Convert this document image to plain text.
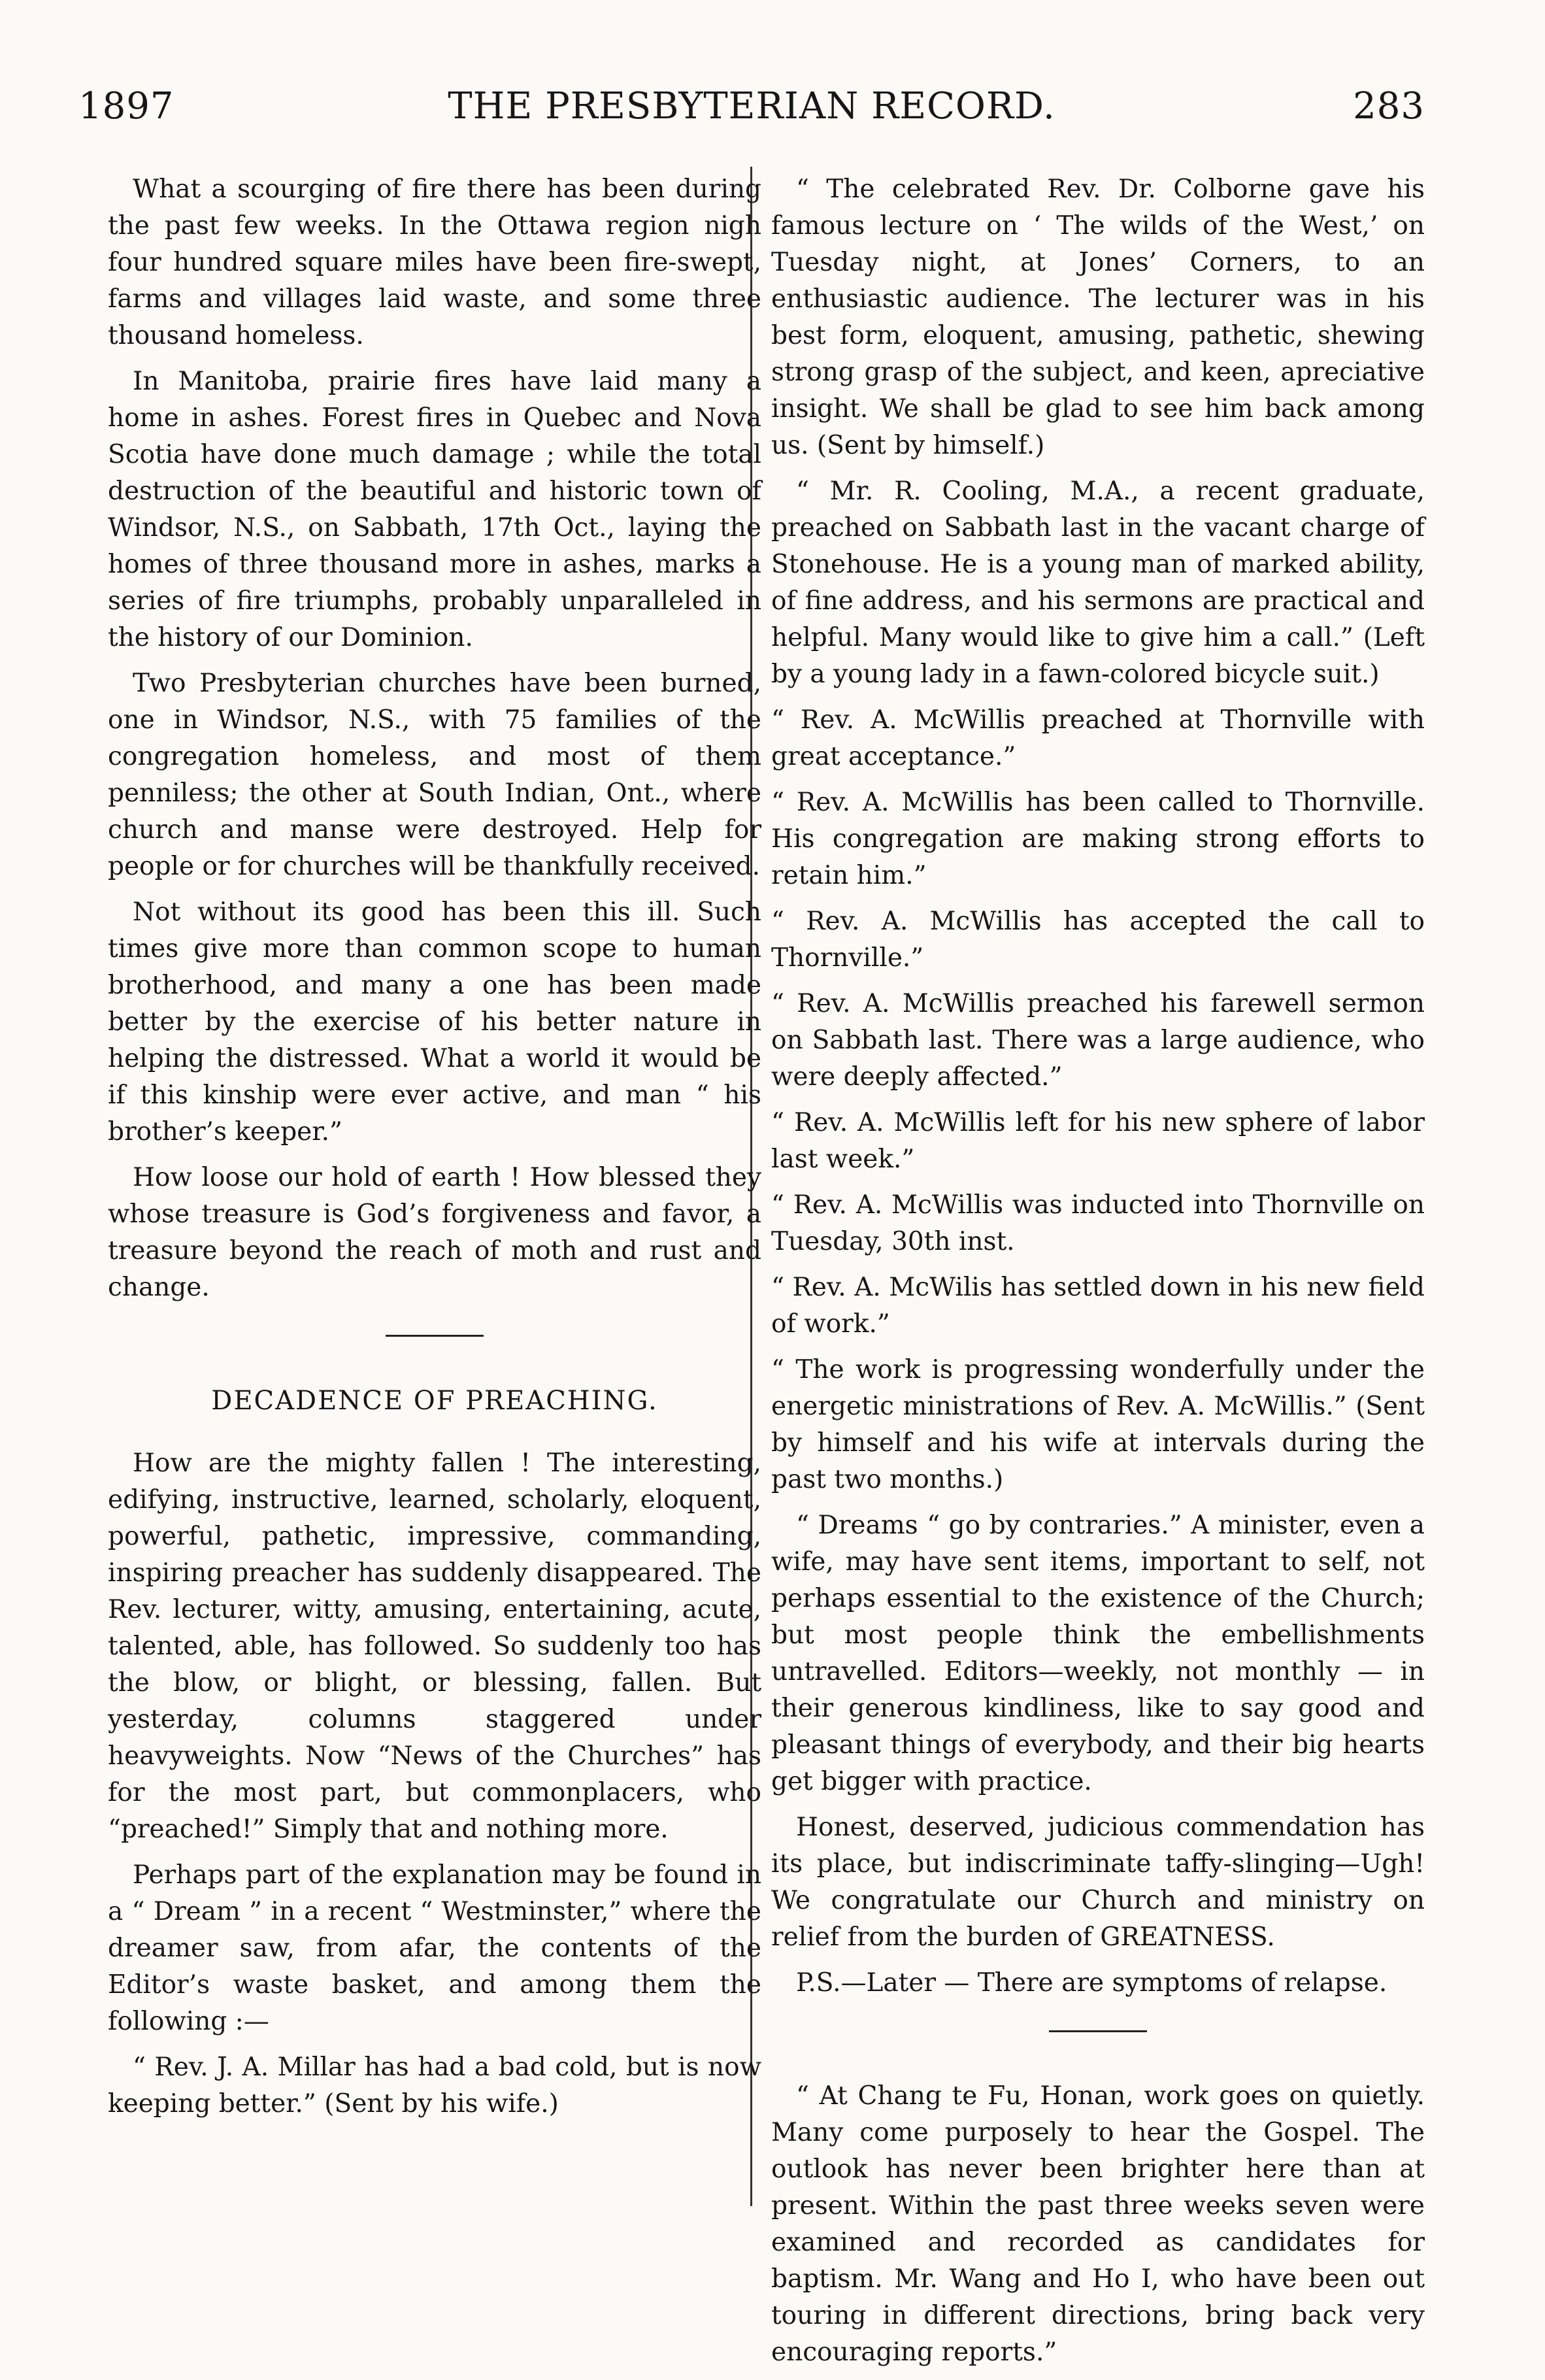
1897	THE PRESBYTERIAN RECORD.	283

What a scourging of fire there has been during the past few weeks. In the Ottawa region nigh four hundred square miles have been fire-swept, farms and villages laid waste, and some three thousand homeless.

In Manitoba, prairie fires have laid many a home in ashes. Forest fires in Quebec and Nova Scotia have done much damage ; while the total destruction of the beautiful and historic town of Windsor, N.S., on Sabbath, 17th Oct., laying the homes of three thousand more in ashes, marks a series of fire triumphs, probably unparalleled in the history of our Dominion.

Two Presbyterian churches have been burned, one in Windsor, N.S., with 75 families of the congregation homeless, and most of them penniless; the other at South Indian, Ont., where church and manse were destroyed. Help for people or for churches will be thankfully received.

Not without its good has been this ill. Such times give more than common scope to human brotherhood, and many a one has been made better by the exercise of his better nature in helping the distressed. What a world it would be if this kinship were ever active, and man “ his brother’s keeper.”

How loose our hold of earth ! How blessed they whose treasure is God’s forgiveness and favor, a treasure beyond the reach of moth and rust and change.

DECADENCE OF PREACHING.

How are the mighty fallen ! The interesting, edifying, instructive, learned, scholarly, eloquent, powerful, pathetic, impressive, commanding, inspiring preacher has suddenly disappeared. The Rev. lecturer, witty, amusing, entertaining, acute, talented, able, has followed. So suddenly too has the blow, or blight, or blessing, fallen. But yesterday, columns staggered under heavyweights. Now “News of the Churches” has for the most part, but commonplacers, who “preached!” Simply that and nothing more.

Perhaps part of the explanation may be found in a “ Dream ” in a recent “ Westminster,” where the dreamer saw, from afar, the contents of the Editor’s waste basket, and among them the following :—

“ Rev. J. A. Millar has had a bad cold, but is now keeping better.” (Sent by his wife.)

“ The celebrated Rev. Dr. Colborne gave his famous lecture on ‘ The wilds of the West,’ on Tuesday night, at Jones’ Corners, to an enthusiastic audience. The lecturer was in his best form, eloquent, amusing, pathetic, shewing strong grasp of the subject, and keen, apreciative insight. We shall be glad to see him back among us. (Sent by himself.)

“ Mr. R. Cooling, M.A., a recent graduate, preached on Sabbath last in the vacant charge of Stonehouse. He is a young man of marked ability, of fine address, and his sermons are practical and helpful. Many would like to give him a call.” (Left by a young lady in a fawn-colored bicycle suit.)

“ Rev. A. McWillis preached at Thornville with great acceptance.”

“ Rev. A. McWillis has been called to Thornville. His congregation are making strong efforts to retain him.”

“ Rev. A. McWillis has accepted the call to Thornville.”

“ Rev. A. McWillis preached his farewell sermon on Sabbath last. There was a large audience, who were deeply affected.”

“ Rev. A. McWillis left for his new sphere of labor last week.”

“ Rev. A. McWillis was inducted into Thornville on Tuesday, 30th inst.

“ Rev. A. McWilis has settled down in his new field of work.”

“ The work is progressing wonderfully under the energetic ministrations of Rev. A. McWillis.” (Sent by himself and his wife at intervals during the past two months.)

“ Dreams “ go by contraries.” A minister, even a wife, may have sent items, important to self, not perhaps essential to the existence of the Church; but most people think the embellishments untravelled. Editors—weekly, not monthly — in their generous kindliness, like to say good and pleasant things of everybody, and their big hearts get bigger with practice.

Honest, deserved, judicious commendation has its place, but indiscriminate taffy-slinging—Ugh! We congratulate our Church and ministry on relief from the burden of GREATNESS.

P.S.—Later — There are symptoms of relapse.

“ At Chang te Fu, Honan, work goes on quietly. Many come purposely to hear the Gospel. The outlook has never been brighter here than at present. Within the past three weeks seven were examined and recorded as candidates for baptism. Mr. Wang and Ho I, who have been out touring in different directions, bring back very encouraging reports.”
